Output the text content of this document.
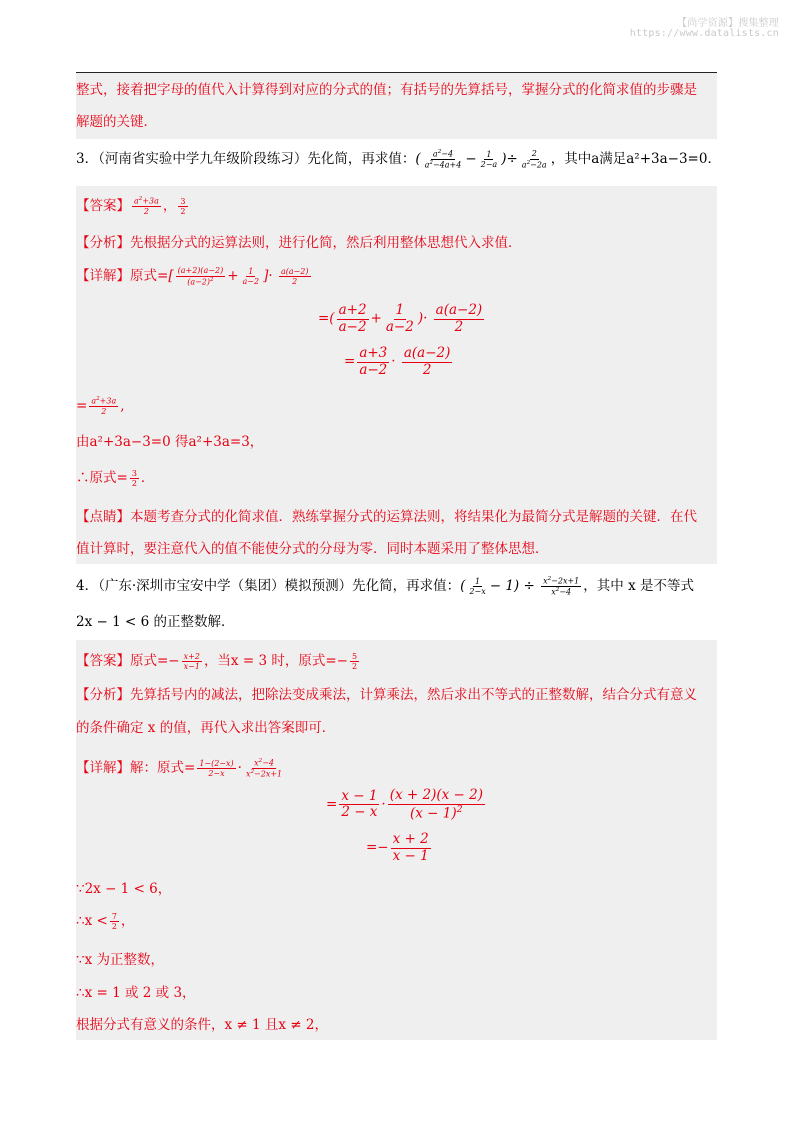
【尚学资源】搜集整理
https://www.datalists.cn
整式，接着把字母的值代入计算得到对应的分式的值；有括号的先算括号，掌握分式的化简求值的步骤是
解题的关键．
3．（河南省实验中学九年级阶段练习）先化简，再求值：( $\frac{a^2-4}{a^2-4a+4} - \frac{1}{2-a}$ )÷ $\frac{2}{a^2-2a}$ ，其中a满足a²+3a−3=0．
【答案】 $\frac{a^2+3a}{2}$ ， $\frac{3}{2}$
【分析】先根据分式的运算法则，进行化简，然后利用整体思想代入求值．
【详解】原式=[ $\frac{(a+2)(a-2)}{(a-2)^2} + \frac{1}{a-2}$ ]· $\frac{a(a-2)}{2}$
=( $\frac{a+2}{a-2} + \frac{1}{a-2}$ )· $\frac{a(a-2)}{2}$
= $\frac{a+3}{a-2} \cdot \frac{a(a-2)}{2}$
= $\frac{a^2+3a}{2}$ ,
由a²+3a−3=0 得a²+3a=3，
∴原式= $\frac{3}{2}$ ．
【点睛】本题考查分式的化简求值．熟练掌握分式的运算法则，将结果化为最简分式是解题的关键．在代
值计算时，要注意代入的值不能使分式的分母为零．同时本题采用了整体思想．
4．（广东·深圳市宝安中学（集团）模拟预测）先化简，再求值：( $\frac{1}{2-x} - 1) \div \frac{x^2-2x+1}{x^2-4}$ ，其中 x 是不等式
2x − 1 < 6 的正整数解．
【答案】原式=− $\frac{x+2}{x-1}$ ，当x = 3 时，原式=− $\frac{5}{2}$
【分析】先算括号内的减法，把除法变成乘法，计算乘法，然后求出不等式的正整数解，结合分式有意义
的条件确定 x 的值，再代入求出答案即可．
【详解】解：原式= $\frac{1-(2-x)}{2-x} \cdot \frac{x^2-4}{x^2-2x+1}$
= $\frac{x - 1}{2 - x} \cdot \frac{(x + 2)(x - 2)}{(x - 1)^2}$
=− $\frac{x + 2}{x - 1}$
∵2x − 1 < 6，
∴x < $\frac{7}{2}$ ，
∵x 为正整数，
∴x = 1 或 2 或 3，
根据分式有意义的条件，x ≠ 1 且x ≠ 2，
